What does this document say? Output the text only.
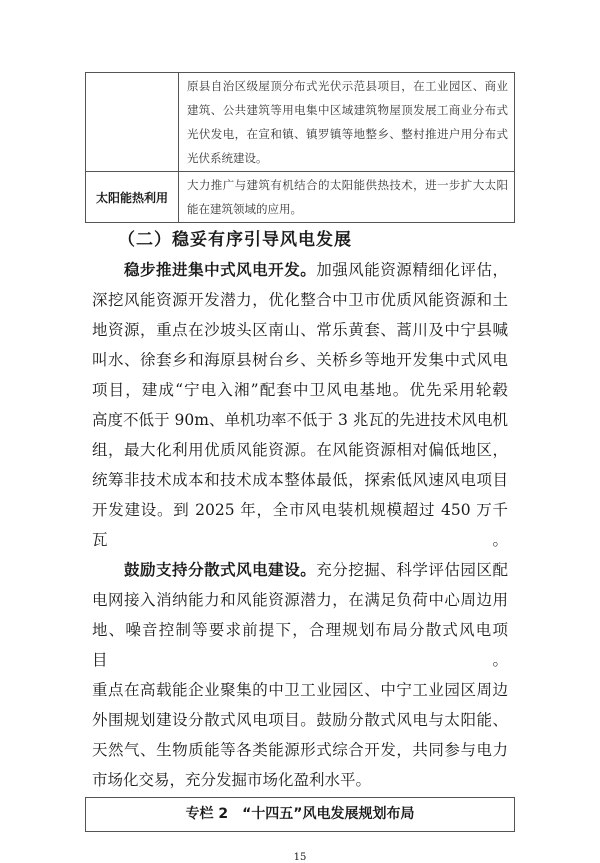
	原县自治区级屋顶分布式光伏示范县项目，在工业园区、商业
建筑、公共建筑等用电集中区域建筑物屋顶发展工商业分布式
光伏发电，在宣和镇、镇罗镇等地整乡、整村推进户用分布式
光伏系统建设。

太阳能热利用	大力推广与建筑有机结合的太阳能供热技术，进一步扩大太阳
能在建筑领域的应用。
（二）稳妥有序引导风电发展
稳步推进集中式风电开发。加强风能资源精细化评估，
深挖风能资源开发潜力，优化整合中卫市优质风能资源和土
地资源，重点在沙坡头区南山、常乐黄套、蒿川及中宁县喊
叫水、徐套乡和海原县树台乡、关桥乡等地开发集中式风电
项目，建成“宁电入湘”配套中卫风电基地。优先采用轮毂
高度不低于 90m、单机功率不低于 3 兆瓦的先进技术风电机
组，最大化利用优质风能资源。在风能资源相对偏低地区，
统筹非技术成本和技术成本整体最低，探索低风速风电项目
开发建设。到 2025 年，全市风电装机规模超过 450 万千瓦。
鼓励支持分散式风电建设。充分挖掘、科学评估园区配
电网接入消纳能力和风能资源潜力，在满足负荷中心周边用
地、噪音控制等要求前提下，合理规划布局分散式风电项目。
重点在高载能企业聚集的中卫工业园区、中宁工业园区周边
外围规划建设分散式风电项目。鼓励分散式风电与太阳能、
天然气、生物质能等各类能源形式综合开发，共同参与电力
市场化交易，充分发掘市场化盈利水平。
专栏 2　“十四五”风电发展规划布局
15
